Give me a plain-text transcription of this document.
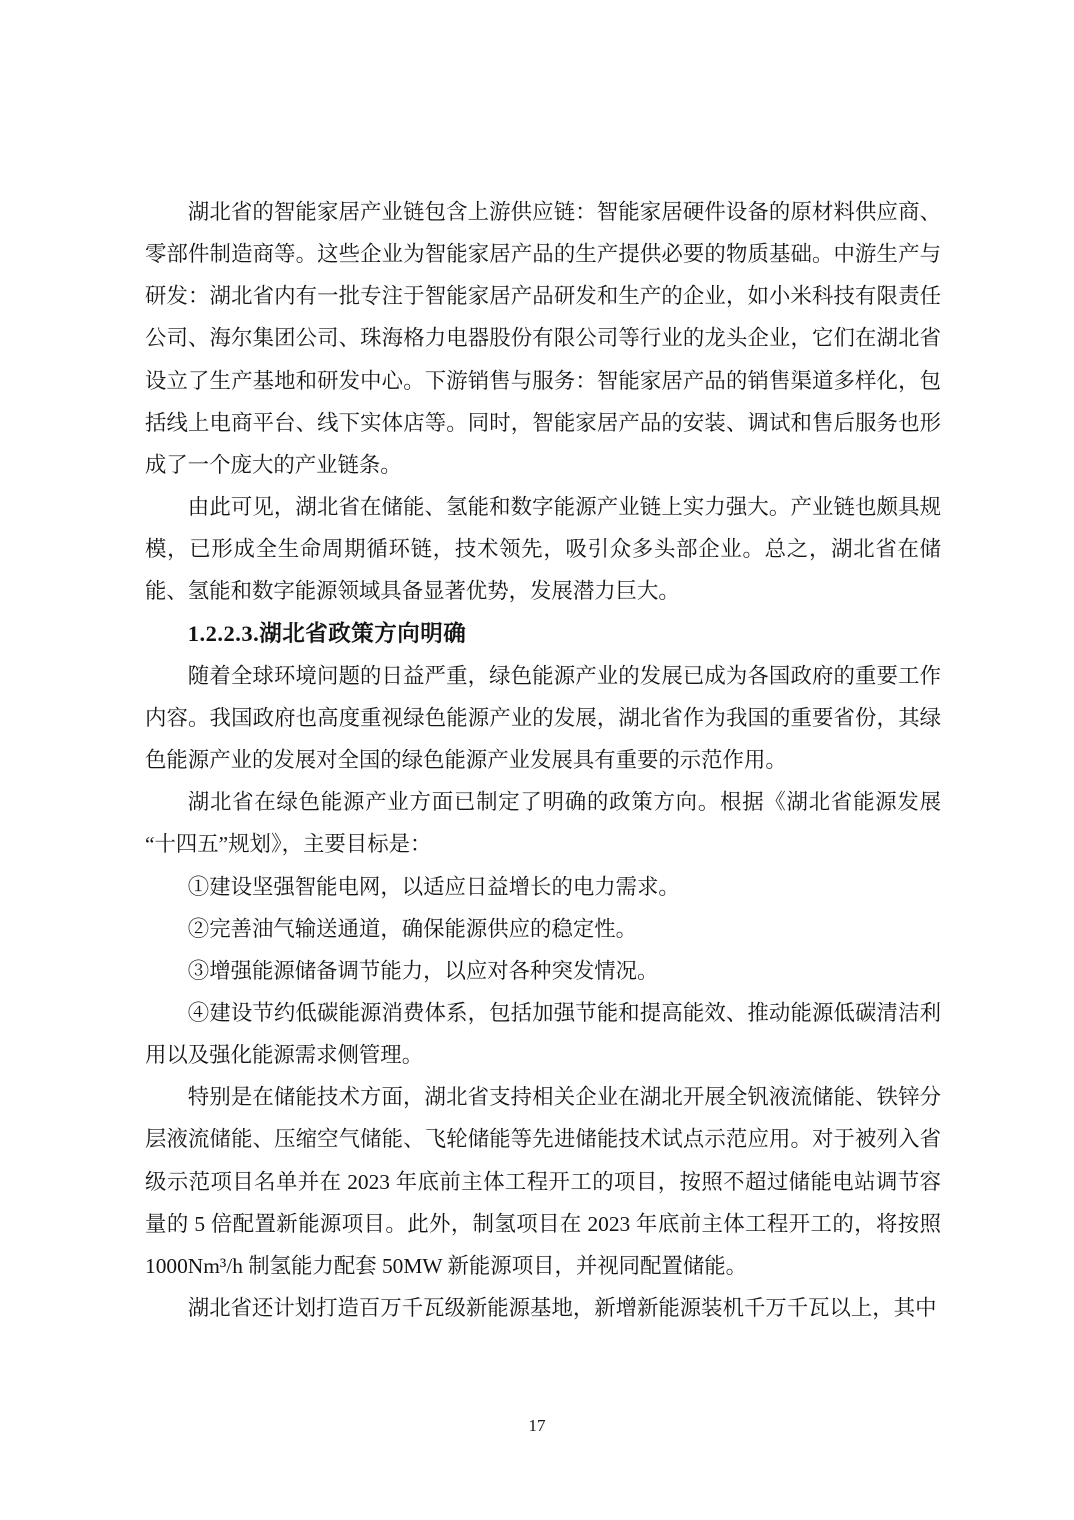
湖北省的智能家居产业链包含上游供应链：智能家居硬件设备的原材料供应商、零部件制造商等。这些企业为智能家居产品的生产提供必要的物质基础。中游生产与研发：湖北省内有一批专注于智能家居产品研发和生产的企业，如小米科技有限责任公司、海尔集团公司、珠海格力电器股份有限公司等行业的龙头企业，它们在湖北省设立了生产基地和研发中心。下游销售与服务：智能家居产品的销售渠道多样化，包括线上电商平台、线下实体店等。同时，智能家居产品的安装、调试和售后服务也形成了一个庞大的产业链条。

由此可见，湖北省在储能、氢能和数字能源产业链上实力强大。产业链也颇具规模，已形成全生命周期循环链，技术领先，吸引众多头部企业。总之，湖北省在储能、氢能和数字能源领域具备显著优势，发展潜力巨大。

1.2.2.3.湖北省政策方向明确

随着全球环境问题的日益严重，绿色能源产业的发展已成为各国政府的重要工作内容。我国政府也高度重视绿色能源产业的发展，湖北省作为我国的重要省份，其绿色能源产业的发展对全国的绿色能源产业发展具有重要的示范作用。

湖北省在绿色能源产业方面已制定了明确的政策方向。根据《湖北省能源发展“十四五”规划》，主要目标是：

①建设坚强智能电网，以适应日益增长的电力需求。

②完善油气输送通道，确保能源供应的稳定性。

③增强能源储备调节能力，以应对各种突发情况。

④建设节约低碳能源消费体系，包括加强节能和提高能效、推动能源低碳清洁利用以及强化能源需求侧管理。

特别是在储能技术方面，湖北省支持相关企业在湖北开展全钒液流储能、铁锌分层液流储能、压缩空气储能、飞轮储能等先进储能技术试点示范应用。对于被列入省级示范项目名单并在 2023 年底前主体工程开工的项目，按照不超过储能电站调节容量的 5 倍配置新能源项目。此外，制氢项目在 2023 年底前主体工程开工的，将按照 1000Nm³/h 制氢能力配套 50MW 新能源项目，并视同配置储能。

湖北省还计划打造百万千瓦级新能源基地，新增新能源装机千万千瓦以上，其中

17
